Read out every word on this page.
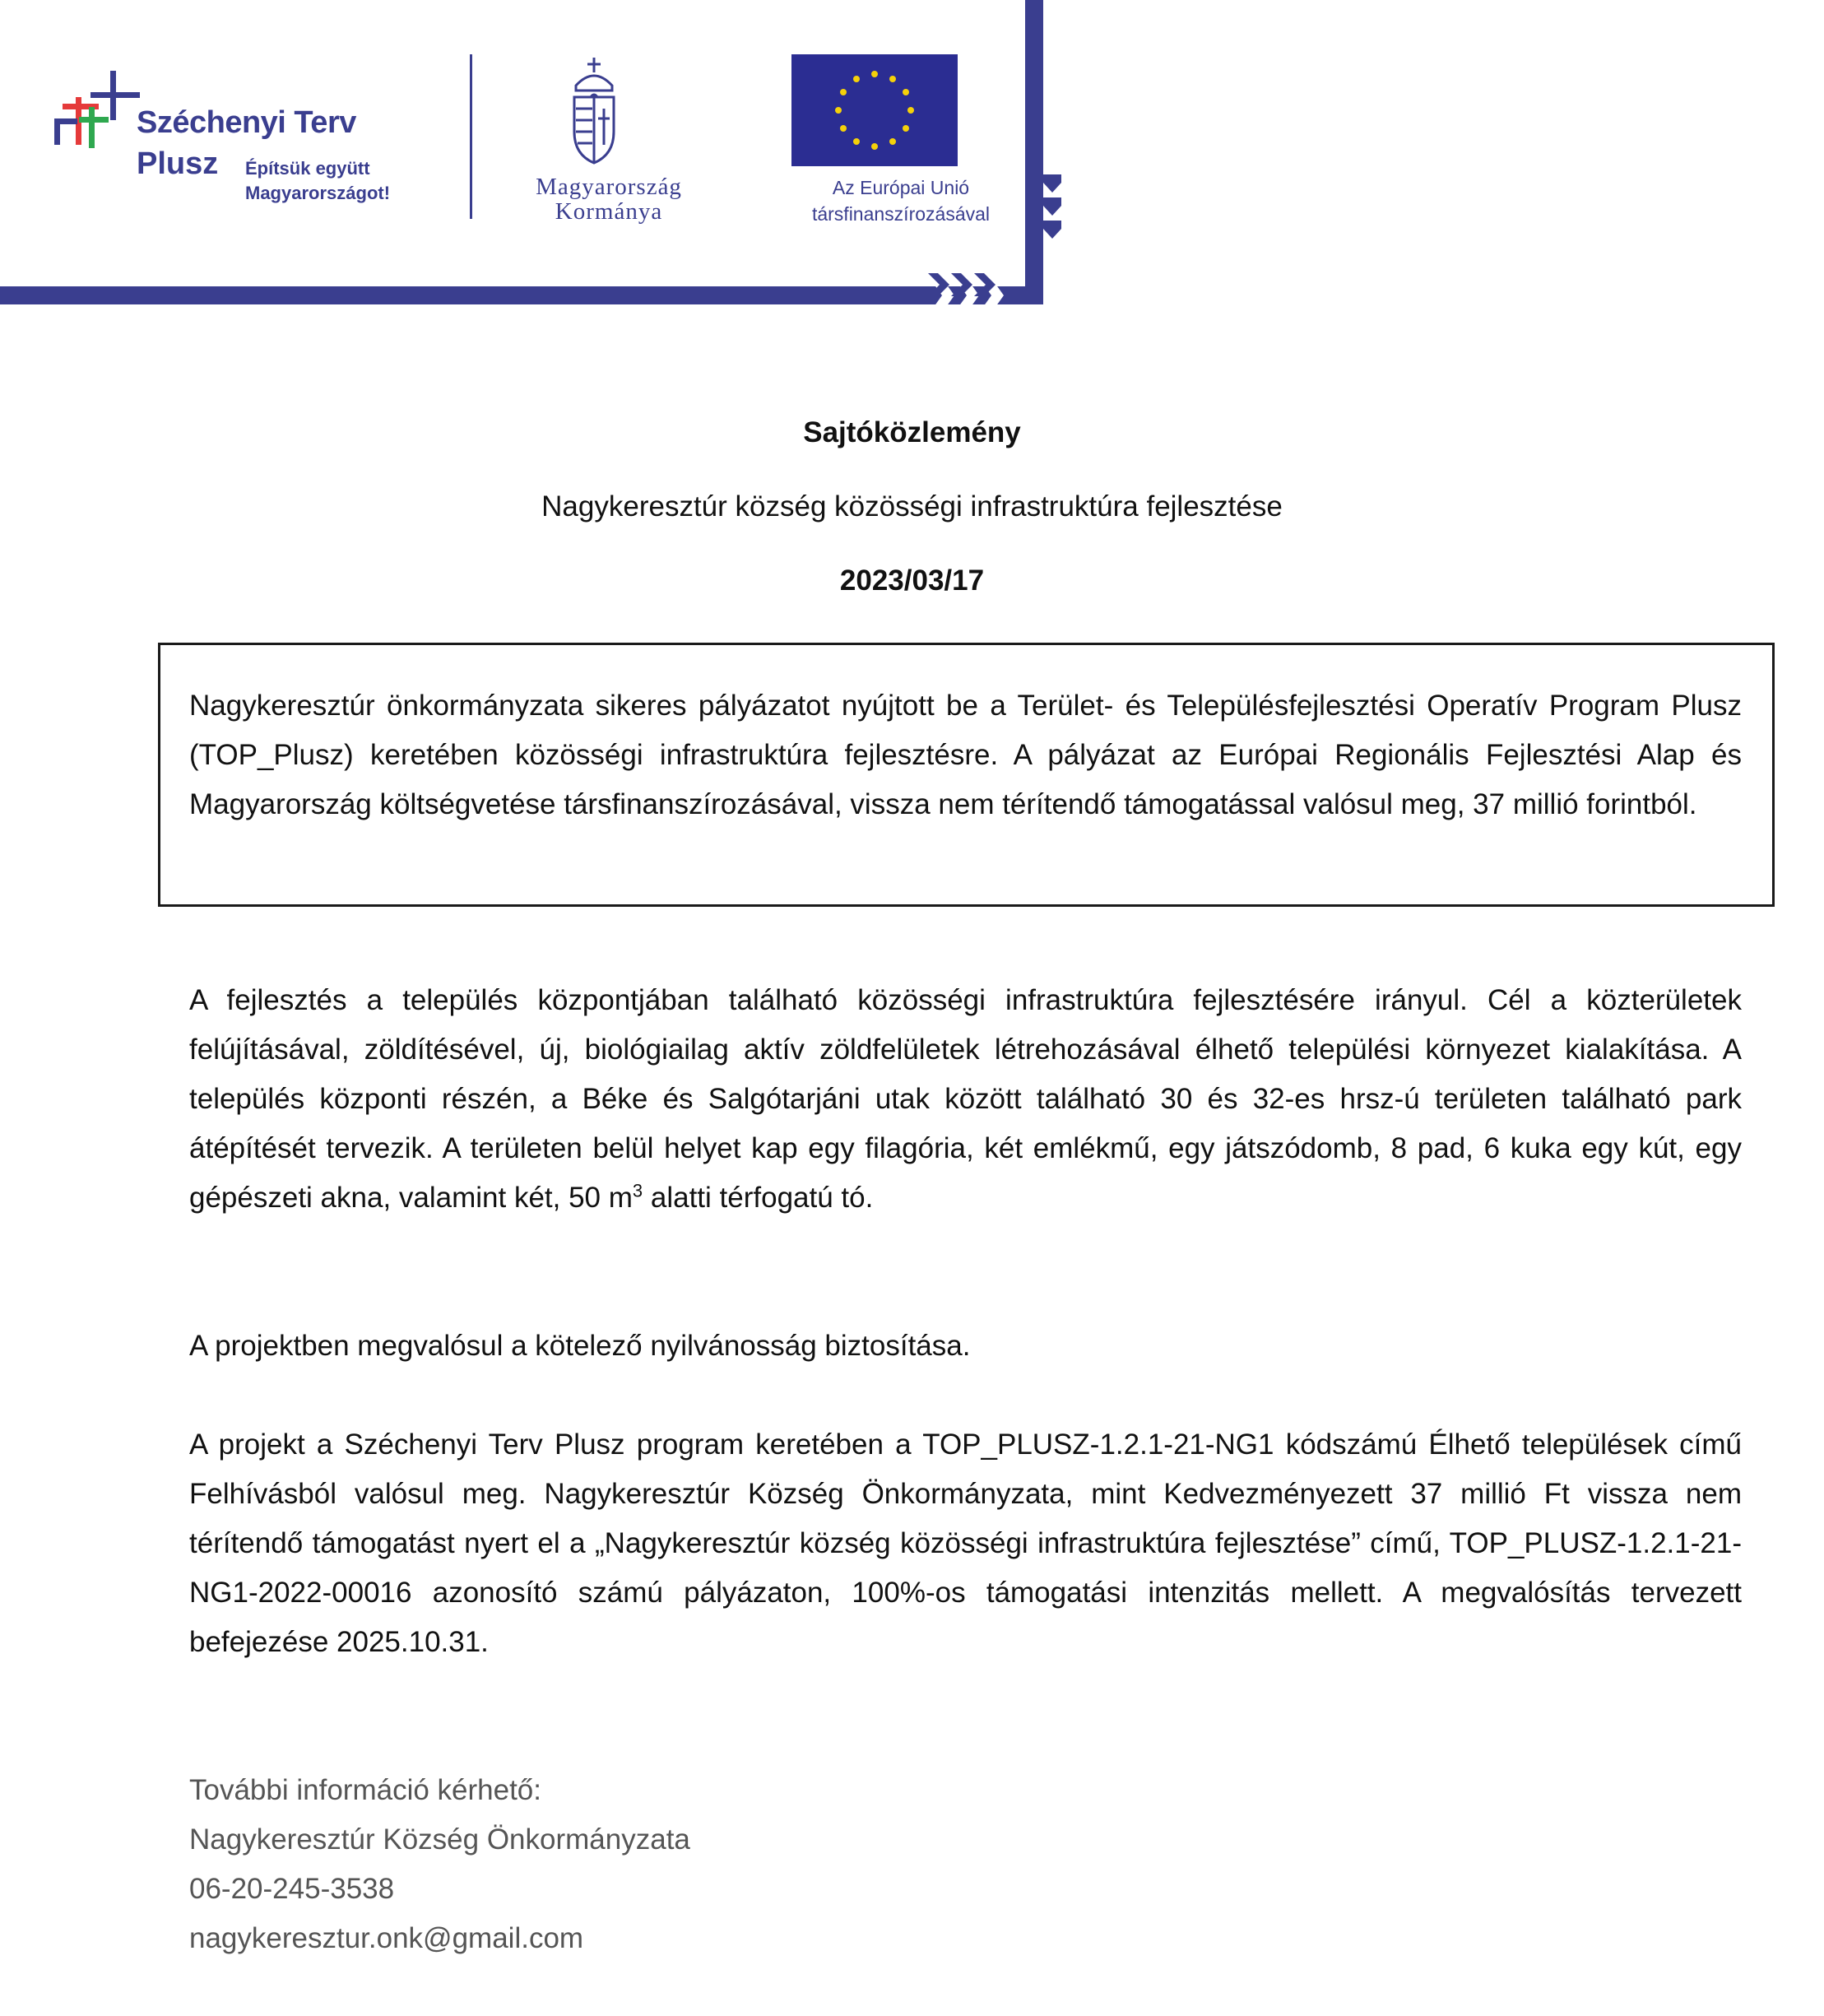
Széchenyi Terv
Plusz Építsük együtt
Magyarországot!	Magyarország
Kormánya
Az Európai Unió
társfinanszírozásával
Sajtóközlemény
Nagykeresztúr község közösségi infrastruktúra fejlesztése
2023/03/17

Nagykeresztúr önkormányzata sikeres pályázatot nyújtott be a Terület- és Településfejlesztési Operatív Program Plusz (TOP_Plusz) keretében közösségi infrastruktúra fejlesztésre. A pályázat az Európai Regionális Fejlesztési Alap és Magyarország költségvetése társfinanszírozásával, vissza nem térítendő támogatással valósul meg, 37 millió forintból.

A fejlesztés a település központjában található közösségi infrastruktúra fejlesztésére irányul. Cél a közterületek felújításával, zöldítésével, új, biológiailag aktív zöldfelületek létrehozásával élhető települési környezet kialakítása. A település központi részén, a Béke és Salgótarjáni utak között található 30 és 32-es hrsz-ú területen található park átépítését tervezik. A területen belül helyet kap egy filagória, két emlékmű, egy játszódomb, 8 pad, 6 kuka egy kút, egy gépészeti akna, valamint két, 50 $m^3$ alatti térfogatú tó.

A projektben megvalósul a kötelező nyilvánosság biztosítása.

A projekt a Széchenyi Terv Plusz program keretében a TOP_PLUSZ-1.2.1-21-NG1 kódszámú Élhető települések című Felhívásból valósul meg. Nagykeresztúr Község Önkormányzata, mint Kedvezményezett 37 millió Ft vissza nem térítendő támogatást nyert el a „Nagykeresztúr község közösségi infrastruktúra fejlesztése” című, TOP_PLUSZ-1.2.1-21-NG1-2022-00016 azonosító számú pályázaton, 100%-os támogatási intenzitás mellett. A megvalósítás tervezett befejezése 2025.10.31.

További információ kérhető:
Nagykeresztúr Község Önkormányzata
06-20-245-3538
nagykeresztur.onk@gmail.com
